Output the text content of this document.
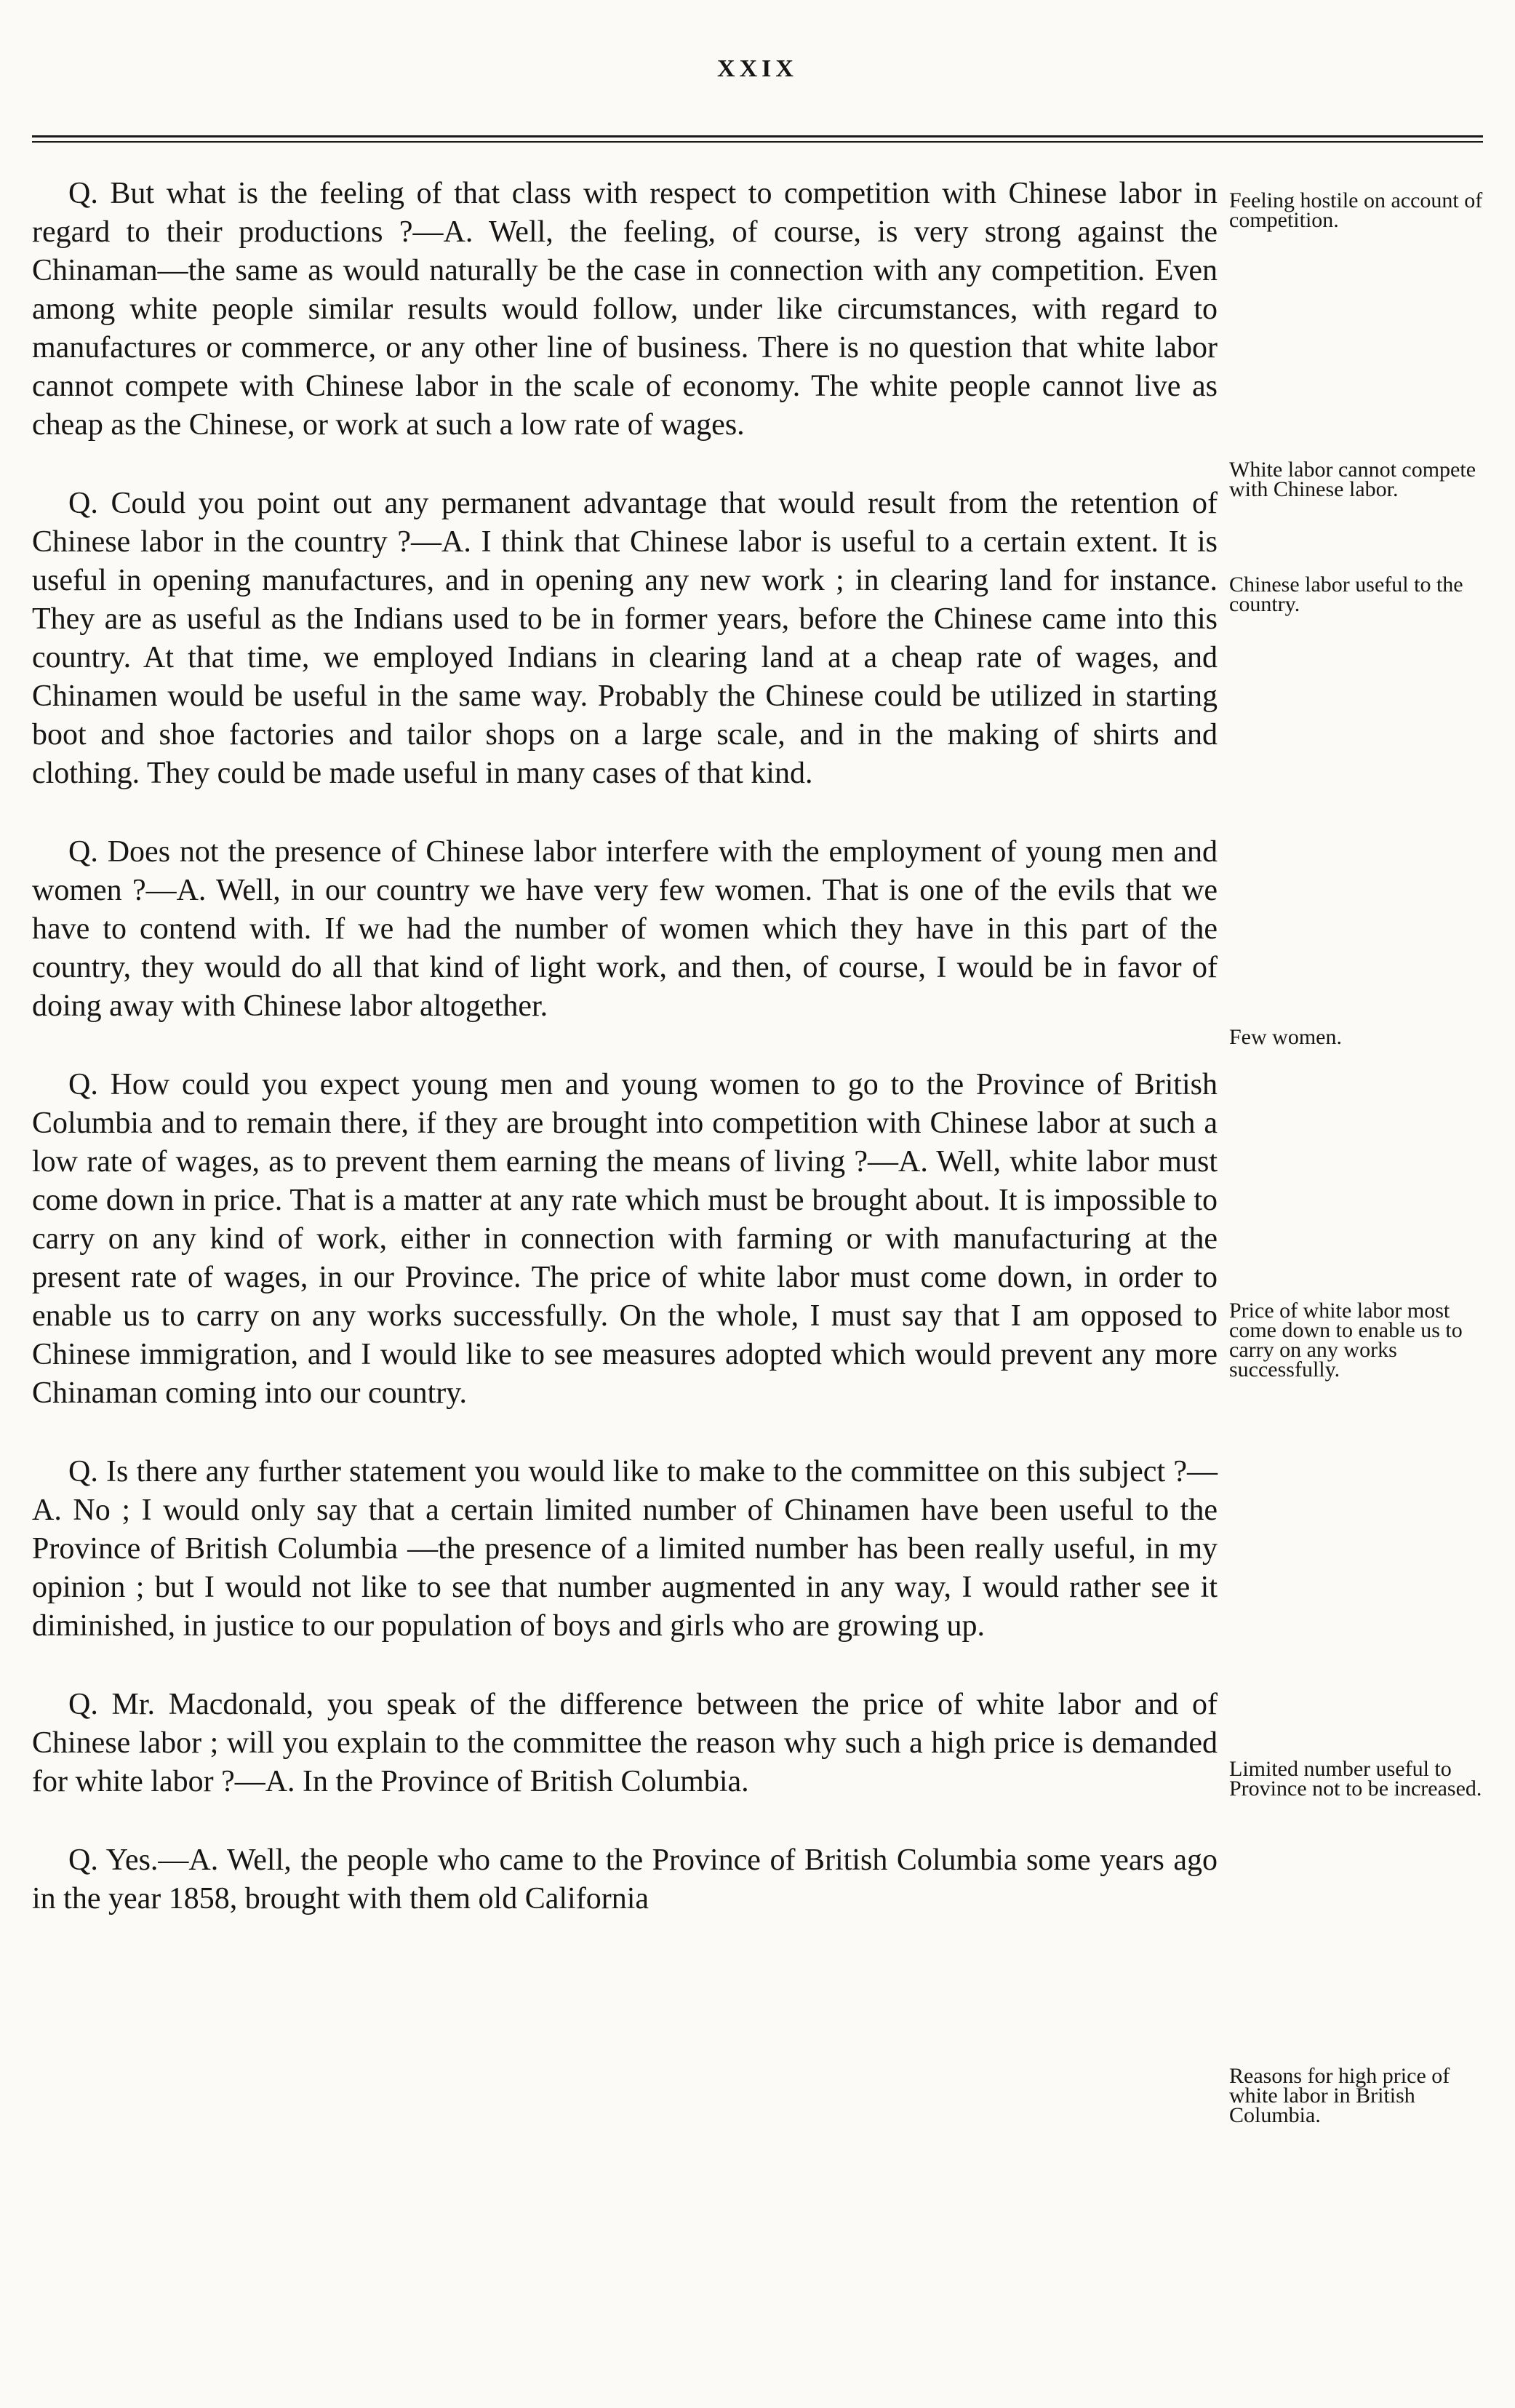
XXIX

Q. But what is the feeling of that class with respect to competition with Chinese labor in regard to their productions ?—A. Well, the feeling, of course, is very strong against the Chinaman—the same as would naturally be the case in connection with any competition. Even among white people similar results would follow, under like circumstances, with regard to manufactures or commerce, or any other line of business. There is no question that white labor cannot compete with Chinese labor in the scale of economy. The white people cannot live as cheap as the Chinese, or work at such a low rate of wages.

Q. Could you point out any permanent advantage that would result from the retention of Chinese labor in the country ?—A. I think that Chinese labor is useful to a certain extent. It is useful in opening manufactures, and in opening any new work ; in clearing land for instance. They are as useful as the Indians used to be in former years, before the Chinese came into this country. At that time, we employed Indians in clearing land at a cheap rate of wages, and Chinamen would be useful in the same way. Probably the Chinese could be utilized in starting boot and shoe factories and tailor shops on a large scale, and in the making of shirts and clothing. They could be made useful in many cases of that kind.

Q. Does not the presence of Chinese labor interfere with the employment of young men and women ?—A. Well, in our country we have very few women. That is one of the evils that we have to contend with. If we had the number of women which they have in this part of the country, they would do all that kind of light work, and then, of course, I would be in favor of doing away with Chinese labor altogether.

Q. How could you expect young men and young women to go to the Province of British Columbia and to remain there, if they are brought into competition with Chinese labor at such a low rate of wages, as to prevent them earning the means of living ?—A. Well, white labor must come down in price. That is a matter at any rate which must be brought about. It is impossible to carry on any kind of work, either in connection with farming or with manufacturing at the present rate of wages, in our Province. The price of white labor must come down, in order to enable us to carry on any works successfully. On the whole, I must say that I am opposed to Chinese immigration, and I would like to see measures adopted which would prevent any more Chinaman coming into our country.

Q. Is there any further statement you would like to make to the committee on this subject ?—A. No ; I would only say that a certain limited number of Chinamen have been useful to the Province of British Columbia —the presence of a limited number has been really useful, in my opinion ; but I would not like to see that number augmented in any way, I would rather see it diminished, in justice to our population of boys and girls who are growing up.

Q. Mr. Macdonald, you speak of the difference between the price of white labor and of Chinese labor ; will you explain to the committee the reason why such a high price is demanded for white labor ?—A. In the Province of British Columbia.

Q. Yes.—A. Well, the people who came to the Province of British Columbia some years ago in the year 1858, brought with them old California

Feeling hostile on account of competition.
White labor cannot compete with Chinese labor.
Chinese labor useful to the country.
Few women.
Price of white labor most come down to enable us to carry on any works successfully.
Limited number useful to Province not to be increased.
Reasons for high price of white labor in British Columbia.
